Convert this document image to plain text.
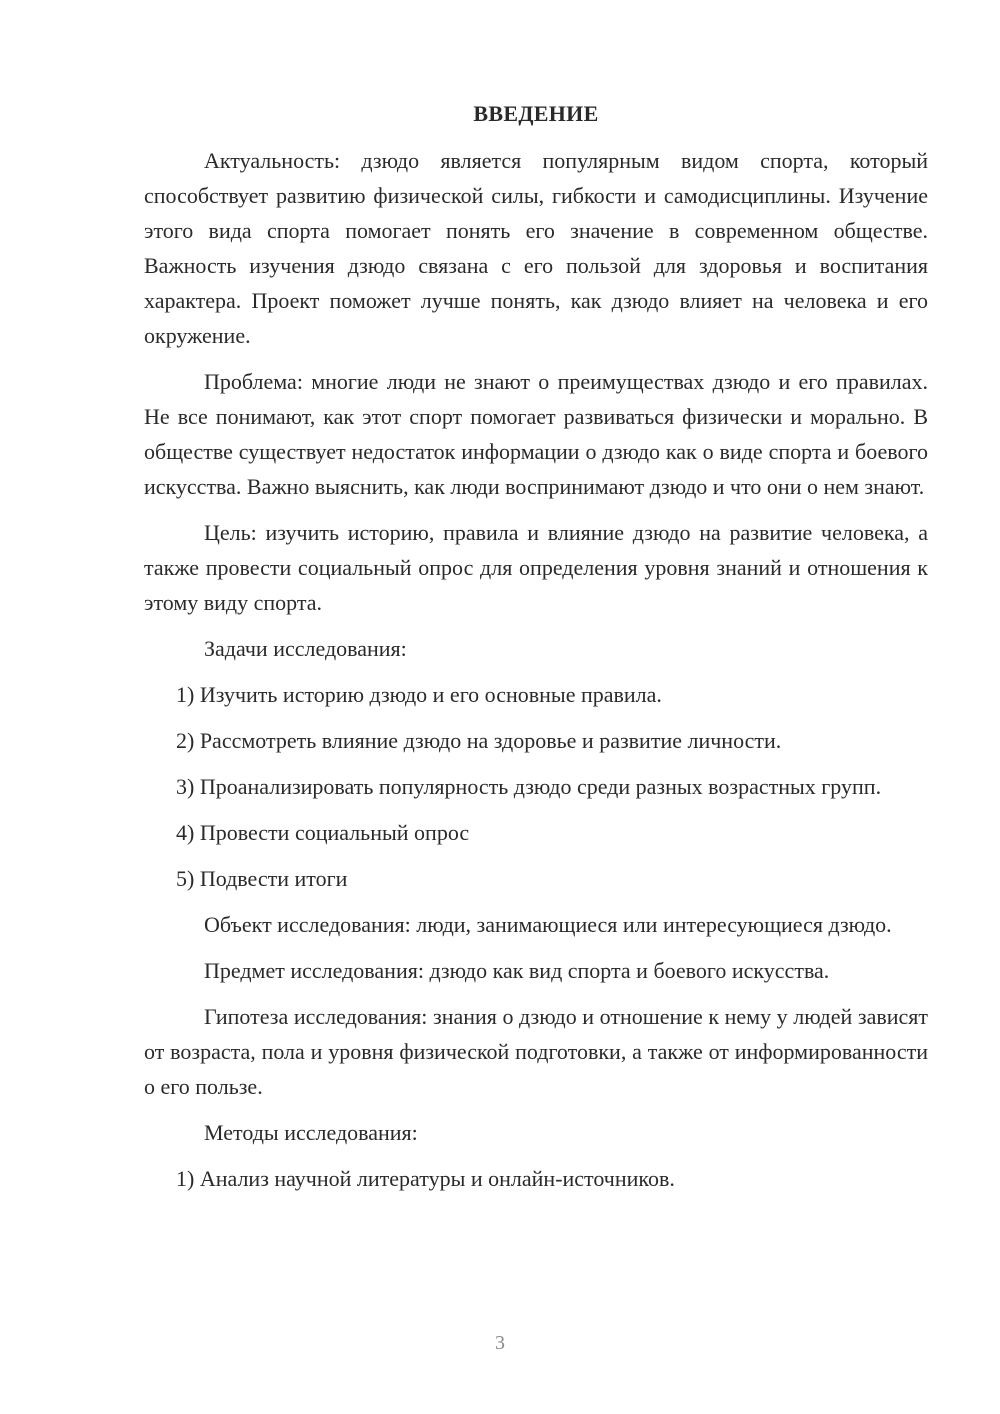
ВВЕДЕНИЕ

Актуальность: дзюдо является популярным видом спорта, который способствует развитию физической силы, гибкости и самодисциплины. Изучение этого вида спорта помогает понять его значение в современном обществе. Важность изучения дзюдо связана с его пользой для здоровья и воспитания характера. Проект поможет лучше понять, как дзюдо влияет на человека и его окружение.

Проблема: многие люди не знают о преимуществах дзюдо и его правилах. Не все понимают, как этот спорт помогает развиваться физически и морально. В обществе существует недостаток информации о дзюдо как о виде спорта и боевого искусства. Важно выяснить, как люди воспринимают дзюдо и что они о нем знают.

Цель: изучить историю, правила и влияние дзюдо на развитие человека, а также провести социальный опрос для определения уровня знаний и отношения к этому виду спорта.

Задачи исследования:

1) Изучить историю дзюдо и его основные правила.

2) Рассмотреть влияние дзюдо на здоровье и развитие личности.

3) Проанализировать популярность дзюдо среди разных возрастных групп.

4) Провести социальный опрос

5) Подвести итоги

Объект исследования: люди, занимающиеся или интересующиеся дзюдо.

Предмет исследования: дзюдо как вид спорта и боевого искусства.

Гипотеза исследования: знания о дзюдо и отношение к нему у людей зависят от возраста, пола и уровня физической подготовки, а также от информированности о его пользе.

Методы исследования:

1) Анализ научной литературы и онлайн-источников.

3
